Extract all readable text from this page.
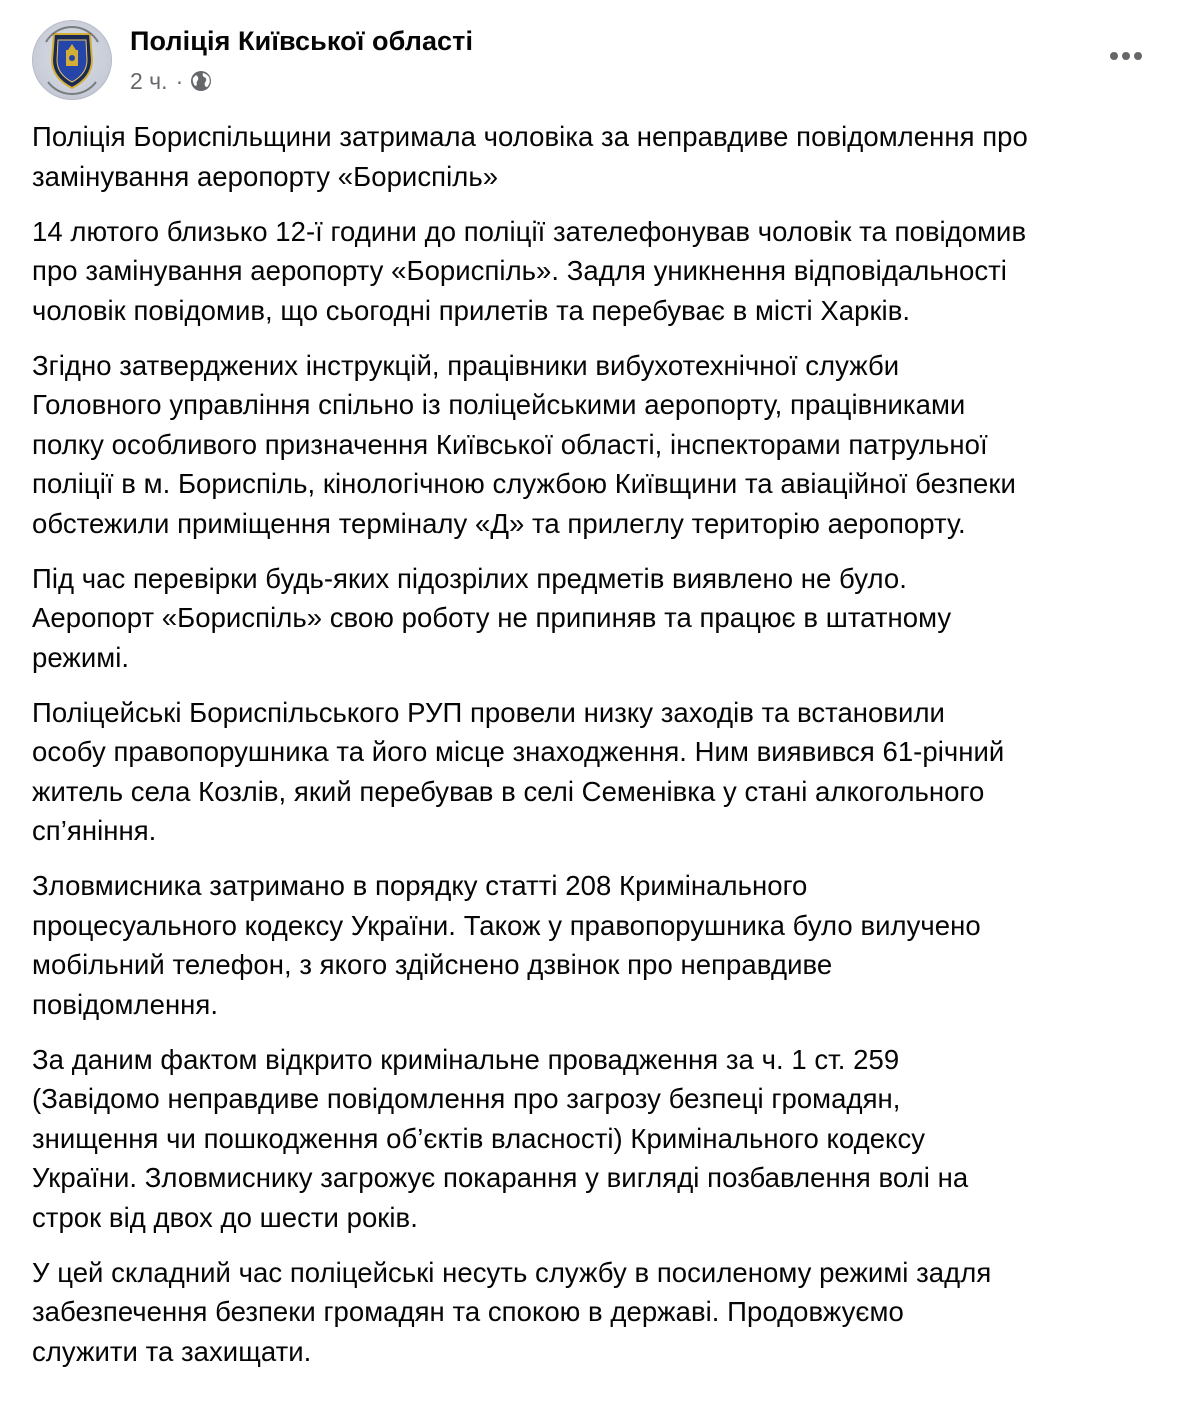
Поліція Київської області
2 ч. ·

Поліція Бориспільщини затримала чоловіка за неправдиве повідомлення про
замінування аеропорту «Бориспіль»

14 лютого близько 12-ї години до поліції зателефонував чоловік та повідомив
про замінування аеропорту «Бориспіль». Задля уникнення відповідальності
чоловік повідомив, що сьогодні прилетів та перебуває в місті Харків.

Згідно затверджених інструкцій, працівники вибухотехнічної служби
Головного управління спільно із поліцейськими аеропорту, працівниками
полку особливого призначення Київської області, інспекторами патрульної
поліції в м. Бориспіль, кінологічною службою Київщини та авіаційної безпеки
обстежили приміщення терміналу «Д» та прилеглу територію аеропорту.

Під час перевірки будь-яких підозрілих предметів виявлено не було.
Аеропорт «Бориспіль» свою роботу не припиняв та працює в штатному
режимі.

Поліцейські Бориспільського РУП провели низку заходів та встановили
особу правопорушника та його місце знаходження. Ним виявився 61-річний
житель села Козлів, який перебував в селі Семенівка у стані алкогольного
сп’яніння.

Зловмисника затримано в порядку статті 208 Кримінального
процесуального кодексу України. Також у правопорушника було вилучено
мобільний телефон, з якого здійснено дзвінок про неправдиве
повідомлення.

За даним фактом відкрито кримінальне провадження за ч. 1 ст. 259
(Завідомо неправдиве повідомлення про загрозу безпеці громадян,
знищення чи пошкодження об’єктів власності) Кримінального кодексу
України. Зловмиснику загрожує покарання у вигляді позбавлення волі на
строк від двох до шести років.

У цей складний час поліцейські несуть службу в посиленому режимі задля
забезпечення безпеки громадян та спокою в державі. Продовжуємо
служити та захищати.
